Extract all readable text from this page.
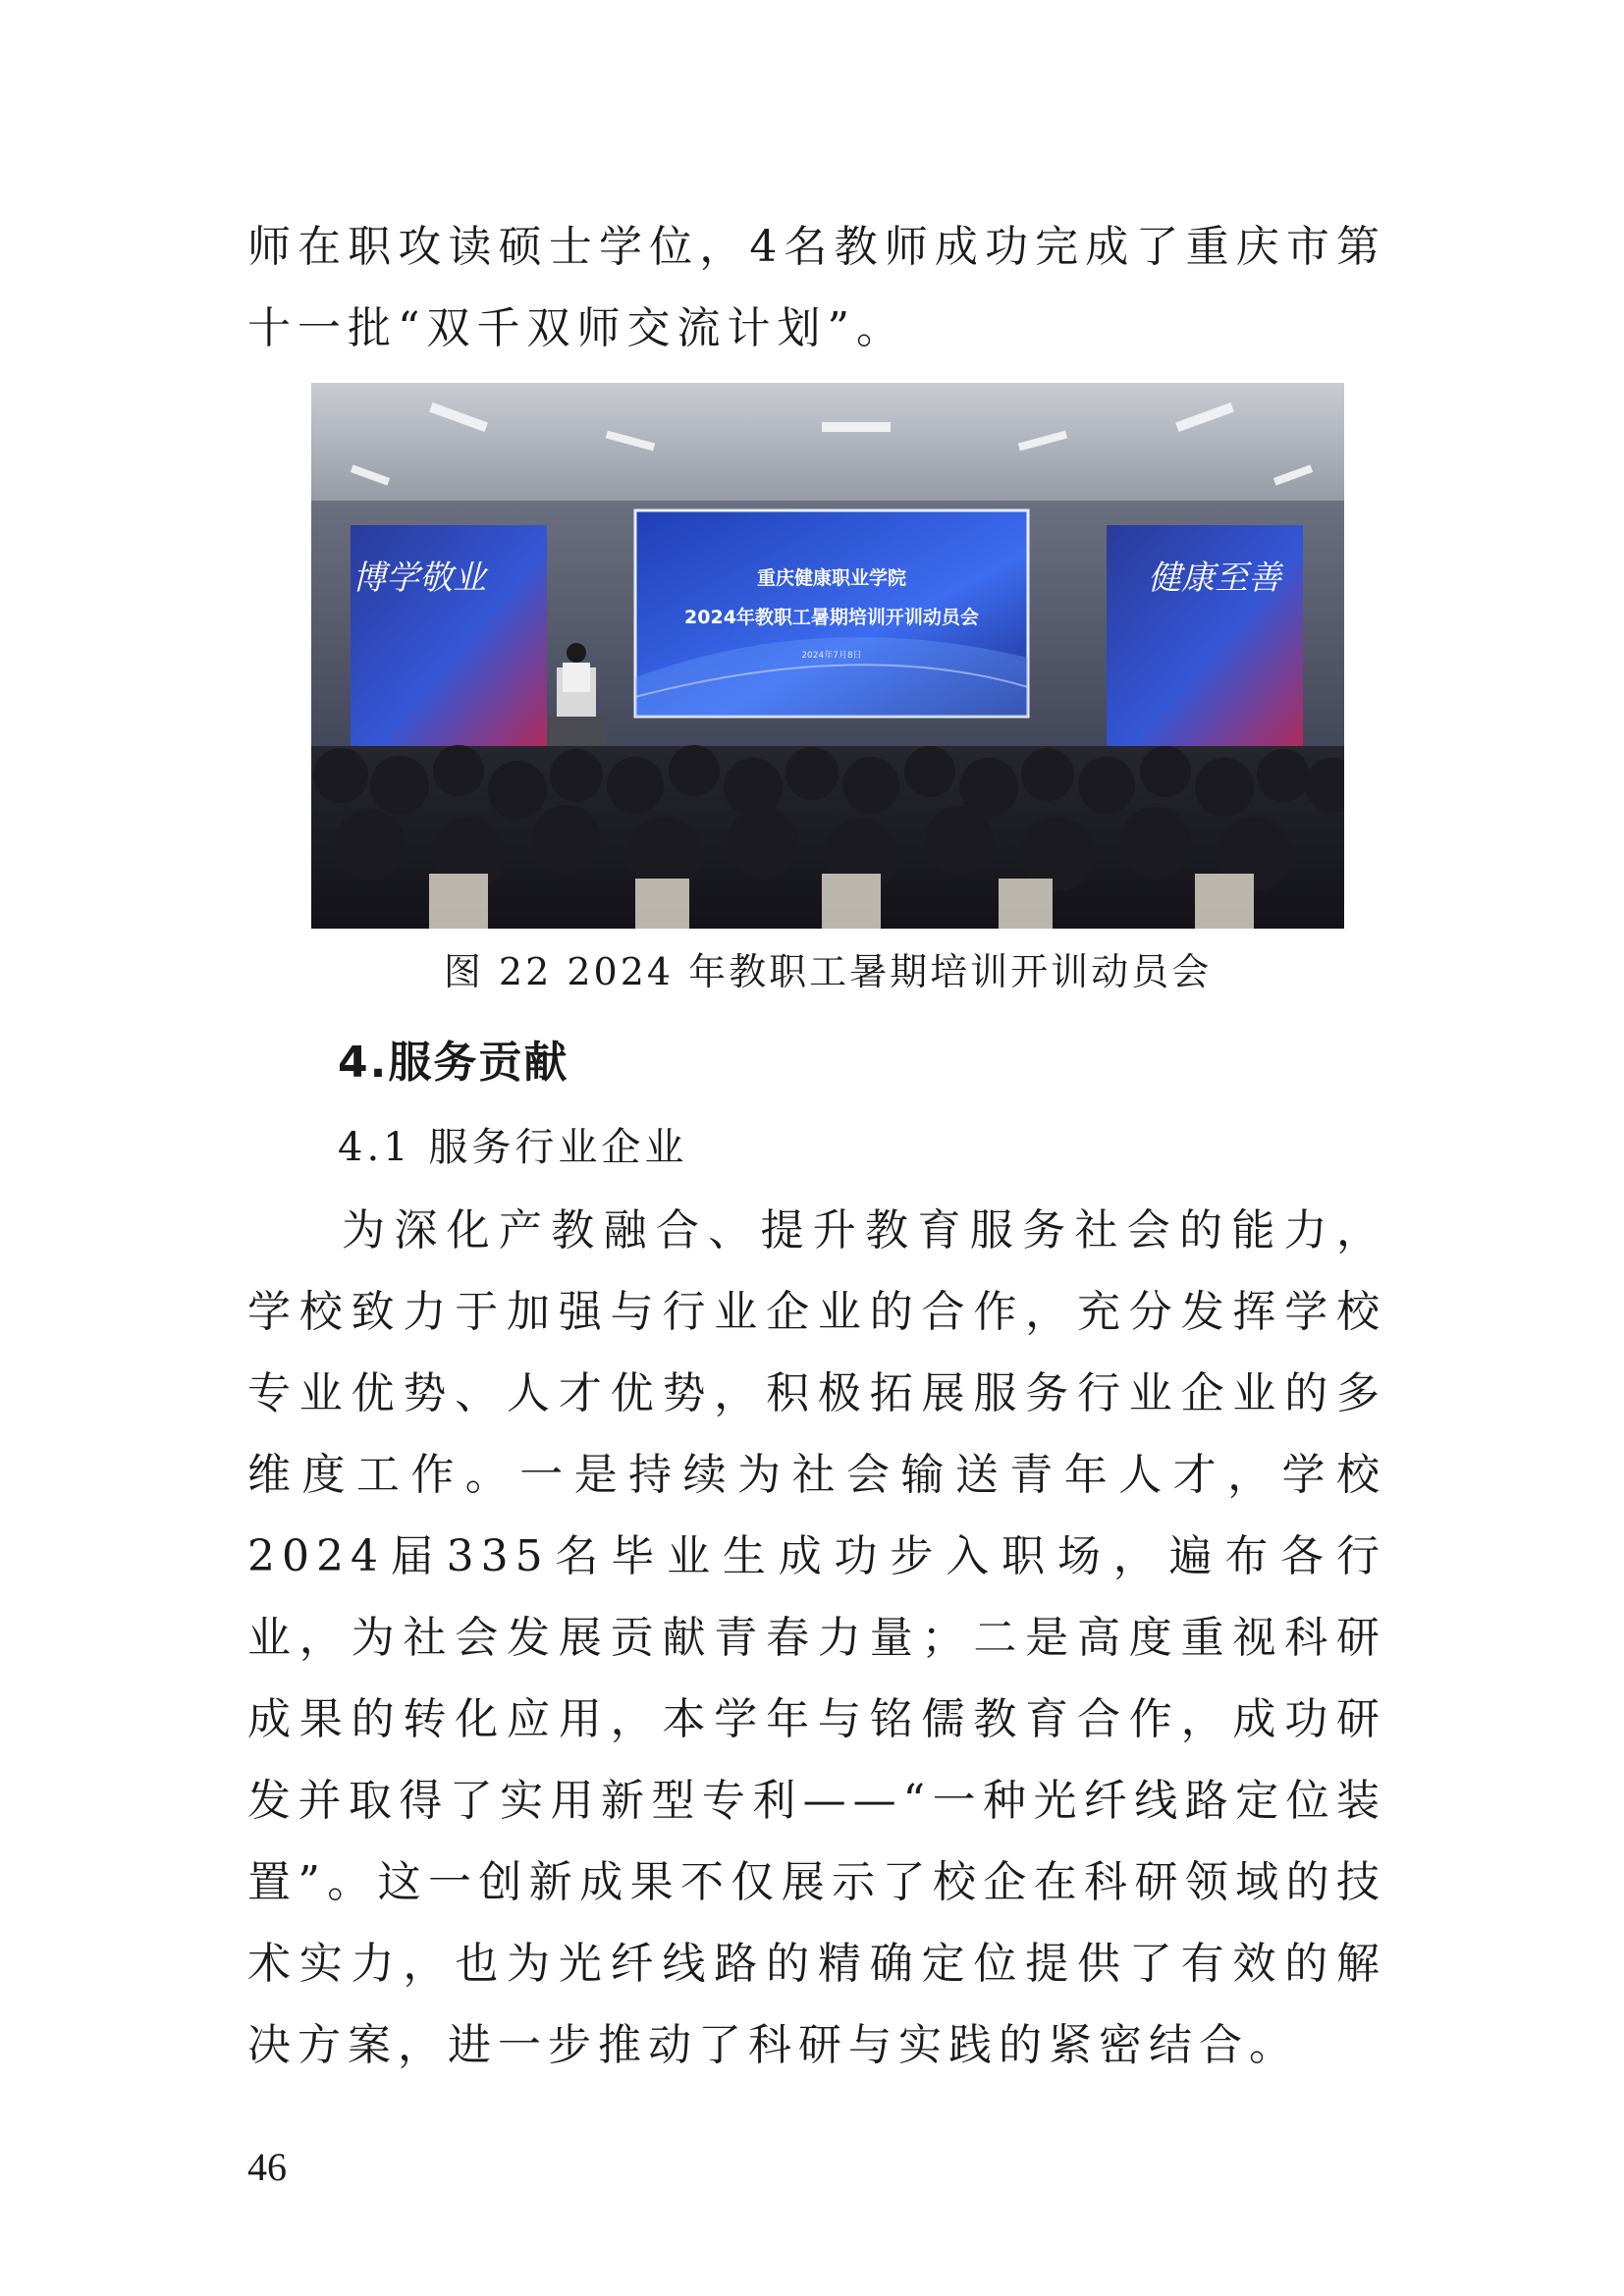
师在职攻读硕士学位，4名教师成功完成了重庆市第十一批“双千双师交流计划”。

博学敬业	健康至善
重庆健康职业学院
2024年教职工暑期培训开训动员会
2024年7月8日
图 22 2024 年教职工暑期培训开训动员会
4.服务贡献
4.1 服务行业企业

为深化产教融合、提升教育服务社会的能力，学校致力于加强与行业企业的合作，充分发挥学校专业优势、人才优势，积极拓展服务行业企业的多维度工作。一是持续为社会输送青年人才，学校2024届335名毕业生成功步入职场，遍布各行业，为社会发展贡献青春力量；二是高度重视科研成果的转化应用，本学年与铭儒教育合作，成功研发并取得了实用新型专利——“一种光纤线路定位装置”。这一创新成果不仅展示了校企在科研领域的技术实力，也为光纤线路的精确定位提供了有效的解决方案，进一步推动了科研与实践的紧密结合。

46
